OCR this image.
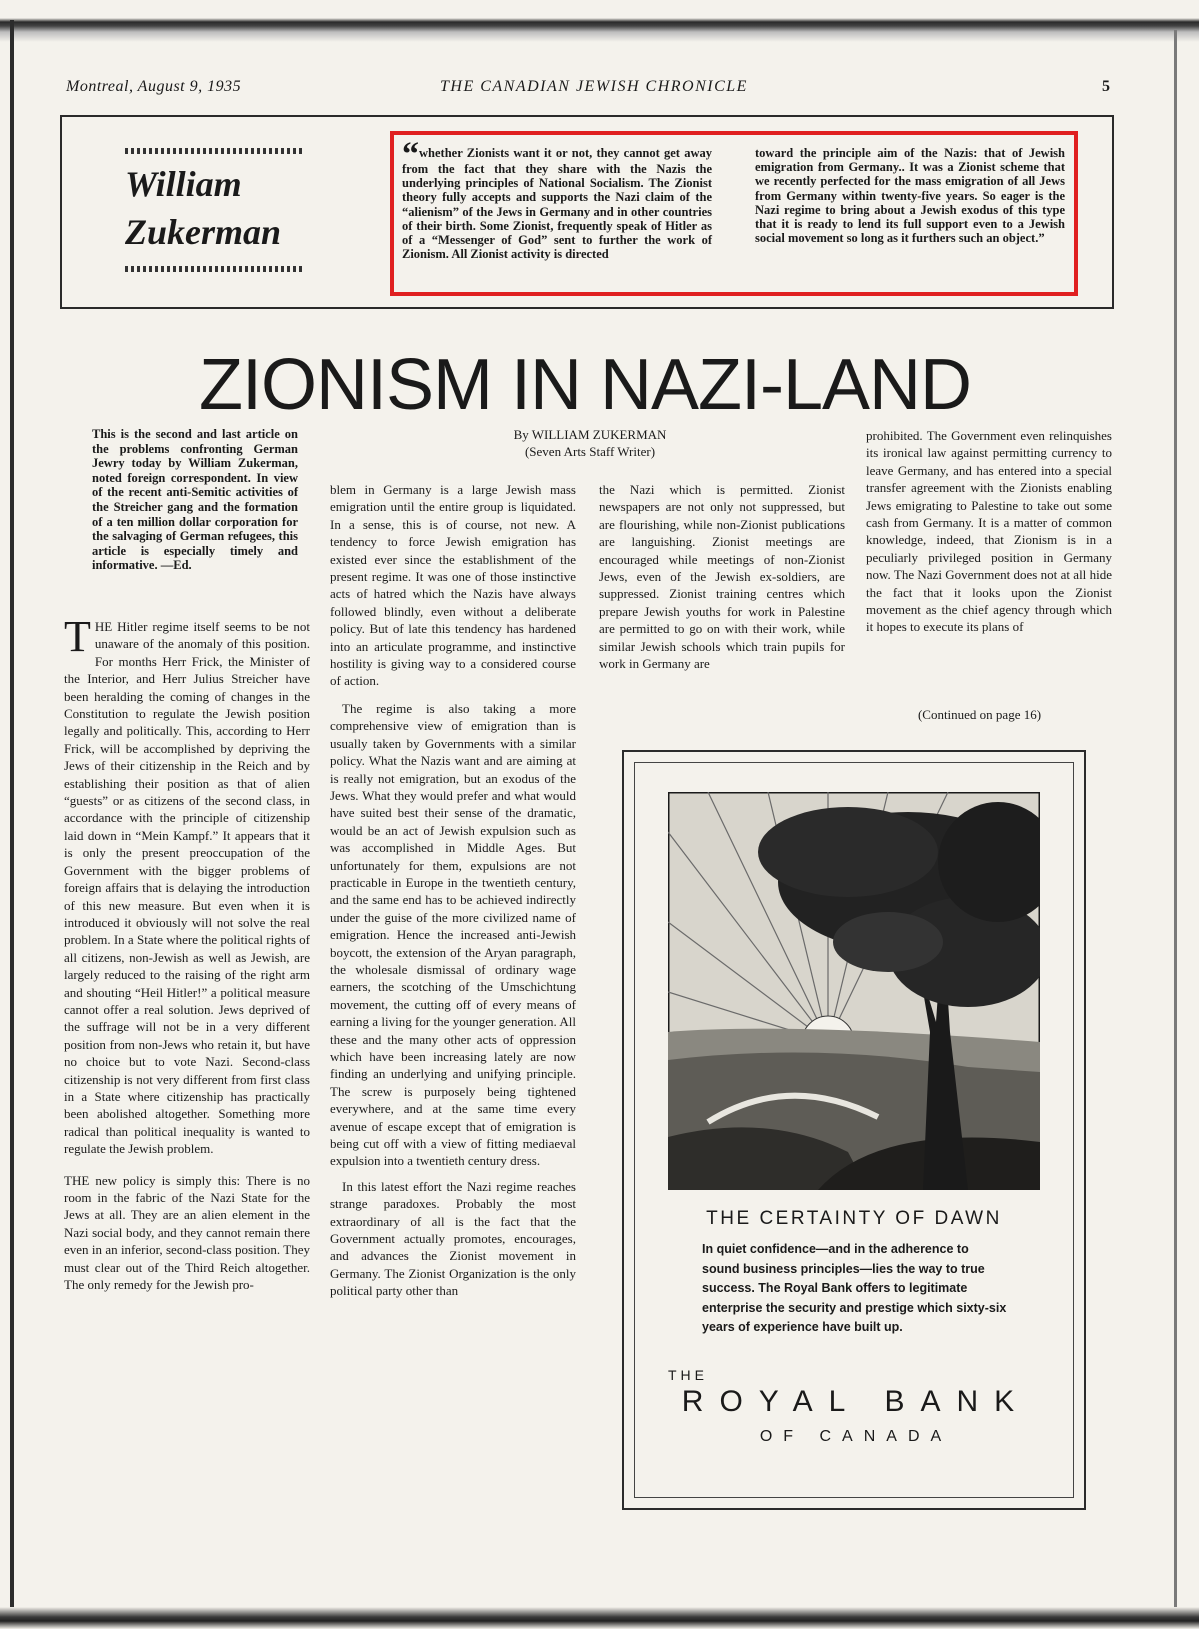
Montreal, August 9, 1935	THE CANADIAN JEWISH CHRONICLE	5
William
Zukerman
“whether Zionists want it or not, they cannot get away from the fact that they share with the Nazis the underlying principles of National Socialism. The Zionist theory fully accepts and supports the Nazi claim of the “alienism” of the Jews in Germany and in other countries of their birth. Some Zionist, frequently speak of Hitler as of a “Messenger of God” sent to further the work of Zionism. All Zionist activity is directed
toward the principle aim of the Nazis: that of Jewish emigration from Germany.. It was a Zionist scheme that we recently perfected for the mass emigration of all Jews from Germany within twenty-five years. So eager is the Nazi regime to bring about a Jewish exodus of this type that it is ready to lend its full support even to a Jewish social movement so long as it furthers such an object.”
ZIONISM IN NAZI-LAND
This is the second and last article on the problems confronting German Jewry today by William Zukerman, noted foreign correspondent. In view of the recent anti-Semitic activities of the Streicher gang and the formation of a ten million dollar corporation for the salvaging of German refugees, this article is especially timely and informative. —Ed.
By WILLIAM ZUKERMAN
(Seven Arts Staff Writer)
THE Hitler regime itself seems to be not unaware of the anomaly of this position. For months Herr Frick, the Minister of the Interior, and Herr Julius Streicher have been heralding the coming of changes in the Constitution to regulate the Jewish position legally and politically. This, according to Herr Frick, will be accomplished by depriving the Jews of their citizenship in the Reich and by establishing their position as that of alien “guests” or as citizens of the second class, in accordance with the principle of citizenship laid down in “Mein Kampf.” It appears that it is only the present preoccupation of the Government with the bigger problems of foreign affairs that is delaying the introduction of this new measure. But even when it is introduced it obviously will not solve the real problem. In a State where the political rights of all citizens, non-Jewish as well as Jewish, are largely reduced to the raising of the right arm and shouting “Heil Hitler!” a political measure cannot offer a real solution. Jews deprived of the suffrage will not be in a very different position from non-Jews who retain it, but have no choice but to vote Nazi. Second-class citizenship is not very different from first class in a State where citizenship has practically been abolished altogether. Something more radical than political inequality is wanted to regulate the Jewish problem.
THE new policy is simply this: There is no room in the fabric of the Nazi State for the Jews at all. They are an alien element in the Nazi social body, and they cannot remain there even in an inferior, second-class position. They must clear out of the Third Reich altogether. The only remedy for the Jewish pro-
blem in Germany is a large Jewish mass emigration until the entire group is liquidated. In a sense, this is of course, not new. A tendency to force Jewish emigration has existed ever since the establishment of the present regime. It was one of those instinctive acts of hatred which the Nazis have always followed blindly, even without a deliberate policy. But of late this tendency has hardened into an articulate programme, and instinctive hostility is giving way to a considered course of action.
The regime is also taking a more comprehensive view of emigration than is usually taken by Governments with a similar policy. What the Nazis want and are aiming at is really not emigration, but an exodus of the Jews. What they would prefer and what would have suited best their sense of the dramatic, would be an act of Jewish expulsion such as was accomplished in Middle Ages. But unfortunately for them, expulsions are not practicable in Europe in the twentieth century, and the same end has to be achieved indirectly under the guise of the more civilized name of emigration. Hence the increased anti-Jewish boycott, the extension of the Aryan paragraph, the wholesale dismissal of ordinary wage earners, the scotching of the Umschichtung movement, the cutting off of every means of earning a living for the younger generation. All these and the many other acts of oppression which have been increasing lately are now finding an underlying and unifying principle. The screw is purposely being tightened everywhere, and at the same time every avenue of escape except that of emigration is being cut off with a view of fitting mediaeval expulsion into a twentieth century dress.
In this latest effort the Nazi regime reaches strange paradoxes. Probably the most extraordinary of all is the fact that the Government actually promotes, encourages, and advances the Zionist movement in Germany. The Zionist Organization is the only political party other than
the Nazi which is permitted. Zionist newspapers are not only not suppressed, but are flourishing, while non-Zionist publications are languishing. Zionist meetings are encouraged while meetings of non-Zionist Jews, even of the Jewish ex-soldiers, are suppressed. Zionist training centres which prepare Jewish youths for work in Palestine are permitted to go on with their work, while similar Jewish schools which train pupils for work in Germany are
prohibited. The Government even relinquishes its ironical law against permitting currency to leave Germany, and has entered into a special transfer agreement with the Zionists enabling Jews emigrating to Palestine to take out some cash from Germany. It is a matter of common knowledge, indeed, that Zionism is in a peculiarly privileged position in Germany now. The Nazi Government does not at all hide the fact that it looks upon the Zionist movement as the chief agency through which it hopes to execute its plans of
(Continued on page 16)
THE CERTAINTY OF DAWN
In quiet confidence—and in the adherence to sound business principles—lies the way to true success. The Royal Bank offers to legitimate enterprise the security and prestige which sixty-six years of experience have built up.
THE
ROYAL BANK
OF CANADA
